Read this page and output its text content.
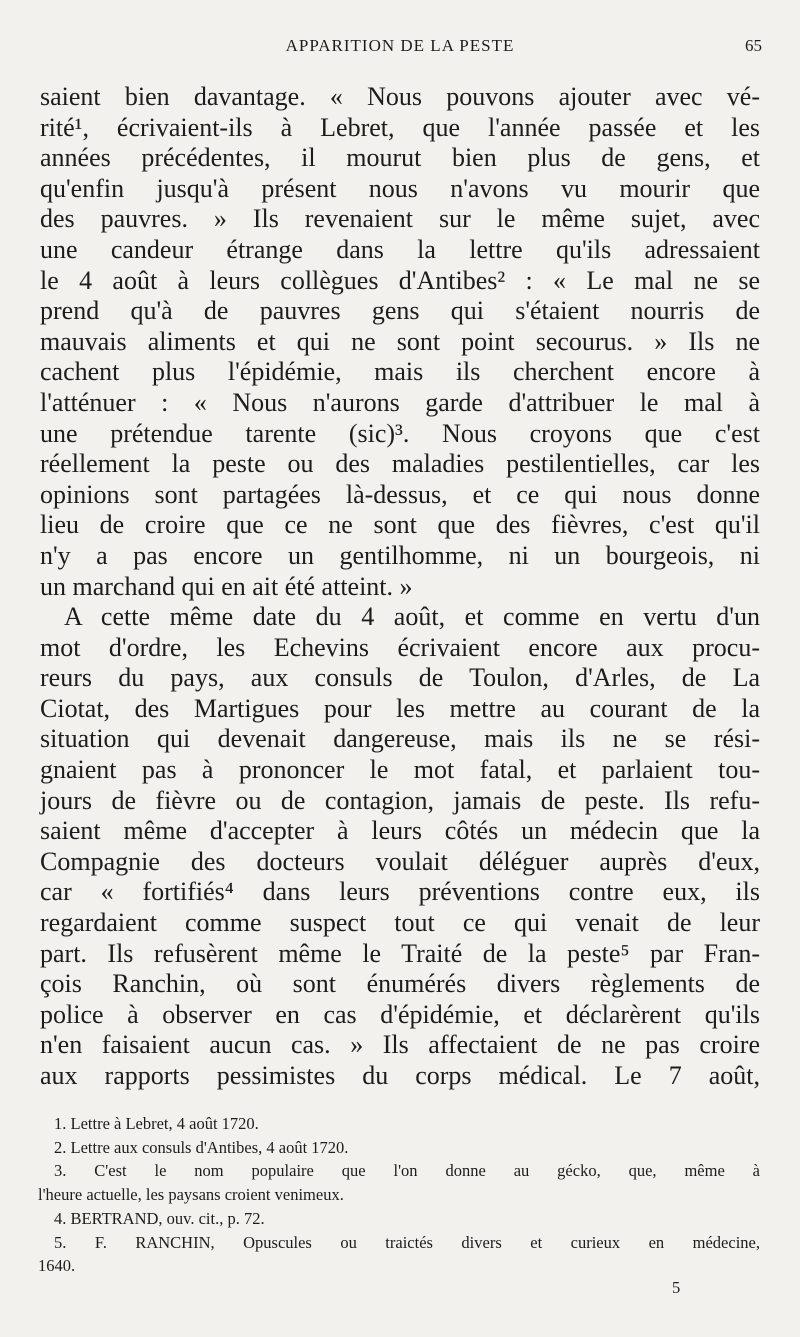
APPARITION DE LA PESTE	65
saient bien davantage. « Nous pouvons ajouter avec vé-
rité¹, écrivaient-ils à Lebret, que l'année passée et les
années précédentes, il mourut bien plus de gens, et
qu'enfin jusqu'à présent nous n'avons vu mourir que
des pauvres. » Ils revenaient sur le même sujet, avec
une candeur étrange dans la lettre qu'ils adressaient
le 4 août à leurs collègues d'Antibes² : « Le mal ne se
prend qu'à de pauvres gens qui s'étaient nourris de
mauvais aliments et qui ne sont point secourus. » Ils ne
cachent plus l'épidémie, mais ils cherchent encore à
l'atténuer : « Nous n'aurons garde d'attribuer le mal à
une prétendue tarente (sic)³. Nous croyons que c'est
réellement la peste ou des maladies pestilentielles, car les
opinions sont partagées là-dessus, et ce qui nous donne
lieu de croire que ce ne sont que des fièvres, c'est qu'il
n'y a pas encore un gentilhomme, ni un bourgeois, ni
un marchand qui en ait été atteint. »
A cette même date du 4 août, et comme en vertu d'un
mot d'ordre, les Echevins écrivaient encore aux procu-
reurs du pays, aux consuls de Toulon, d'Arles, de La
Ciotat, des Martigues pour les mettre au courant de la
situation qui devenait dangereuse, mais ils ne se rési-
gnaient pas à prononcer le mot fatal, et parlaient tou-
jours de fièvre ou de contagion, jamais de peste. Ils refu-
saient même d'accepter à leurs côtés un médecin que la
Compagnie des docteurs voulait déléguer auprès d'eux,
car « fortifiés⁴ dans leurs préventions contre eux, ils
regardaient comme suspect tout ce qui venait de leur
part. Ils refusèrent même le Traité de la peste⁵ par Fran-
çois Ranchin, où sont énumérés divers règlements de
police à observer en cas d'épidémie, et déclarèrent qu'ils
n'en faisaient aucun cas. » Ils affectaient de ne pas croire
aux rapports pessimistes du corps médical. Le 7 août,
1. Lettre à Lebret, 4 août 1720.
2. Lettre aux consuls d'Antibes, 4 août 1720.
3. C'est le nom populaire que l'on donne au gécko, que, même à
l'heure actuelle, les paysans croient venimeux.
4. BERTRAND, ouv. cit., p. 72.
5. F. RANCHIN, Opuscules ou traictés divers et curieux en médecine,
1640.
5
